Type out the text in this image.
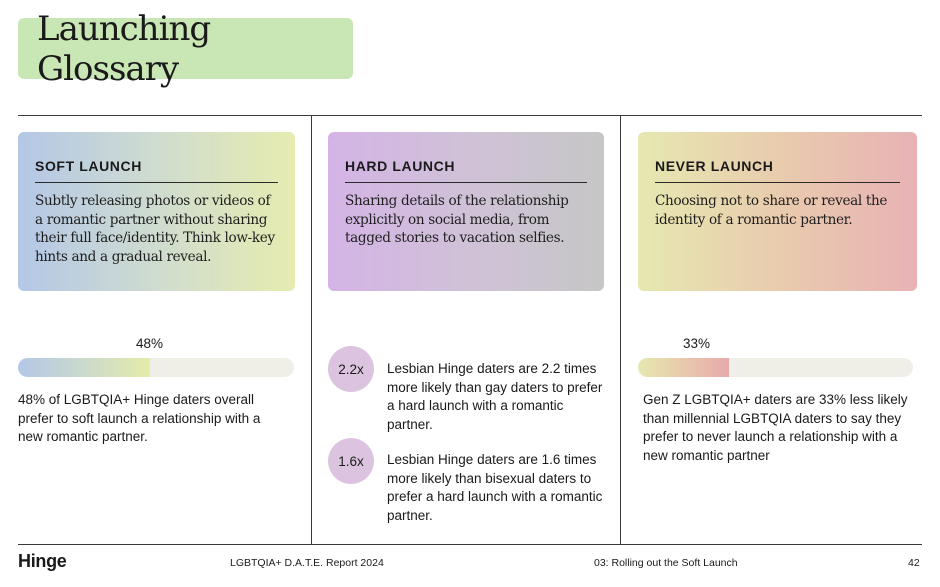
Launching Glossary
SOFT LAUNCH

Subtly releasing photos or videos of a romantic partner without sharing their full face/identity. Think low-key hints and a gradual reveal.

HARD LAUNCH

Sharing details of the relationship explicitly on social media, from tagged stories to vacation selfies.

NEVER LAUNCH

Choosing not to share or reveal the identity of a romantic partner.

48%

48% of LGBTQIA+ Hinge daters overall prefer to soft launch a relationship with a new romantic partner.

2.2x Lesbian Hinge daters are 2.2 times more likely than gay daters to prefer a hard launch with a romantic partner.

1.6x Lesbian Hinge daters are 1.6 times more likely than bisexual daters to prefer a hard launch with a romantic partner.

33%

Gen Z LGBTQIA+ daters are 33% less likely than millennial LGBTQIA daters to say they prefer to never launch a relationship with a new romantic partner

Hinge	LGBTQIA+ D.A.T.E. Report 2024	03: Rolling out the Soft Launch	42
